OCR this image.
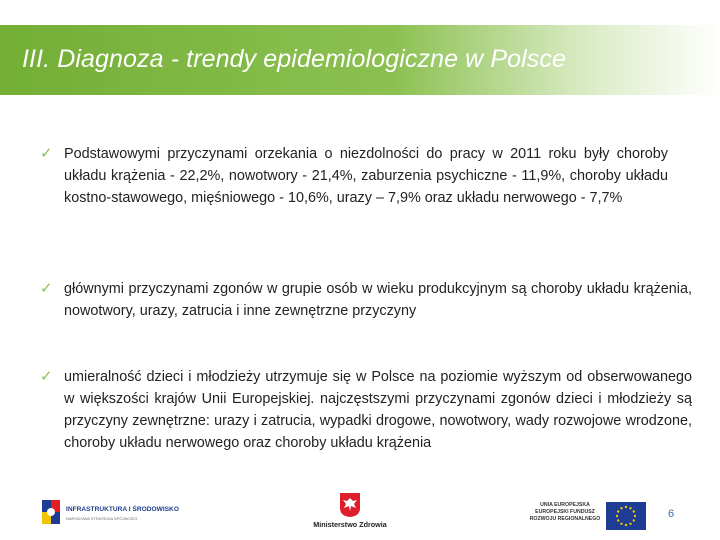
III. Diagnoza - trendy epidemiologiczne w Polsce
✓ Podstawowymi przyczynami orzekania o niezdolności do pracy w 2011 roku były choroby układu krążenia - 22,2%, nowotwory - 21,4%, zaburzenia psychiczne - 11,9%, choroby układu kostno-stawowego, mięśniowego - 10,6%, urazy – 7,9% oraz układu nerwowego - 7,7%
✓ głównymi przyczynami zgonów w grupie osób w wieku produkcyjnym są choroby układu krążenia, nowotwory, urazy, zatrucia i inne zewnętrzne przyczyny
✓ umieralność dzieci i młodzieży utrzymuje się w Polsce na poziomie wyższym od obserwowanego w większości krajów Unii Europejskiej. najczęstszymi przyczynami zgonów dzieci i młodzieży są przyczyny zewnętrzne: urazy i zatrucia, wypadki drogowe, nowotwory, wady rozwojowe wrodzone, choroby układu nerwowego oraz choroby układu krążenia
INFRASTRUKTURA I ŚRODOWISKO
NARODOWA STRATEGIA SPÓJNOŚCI
Ministerstwo Zdrowia
UNIA EUROPEJSKA
EUROPEJSKI FUNDUSZ
ROZWOJU REGIONALNEGO	6
